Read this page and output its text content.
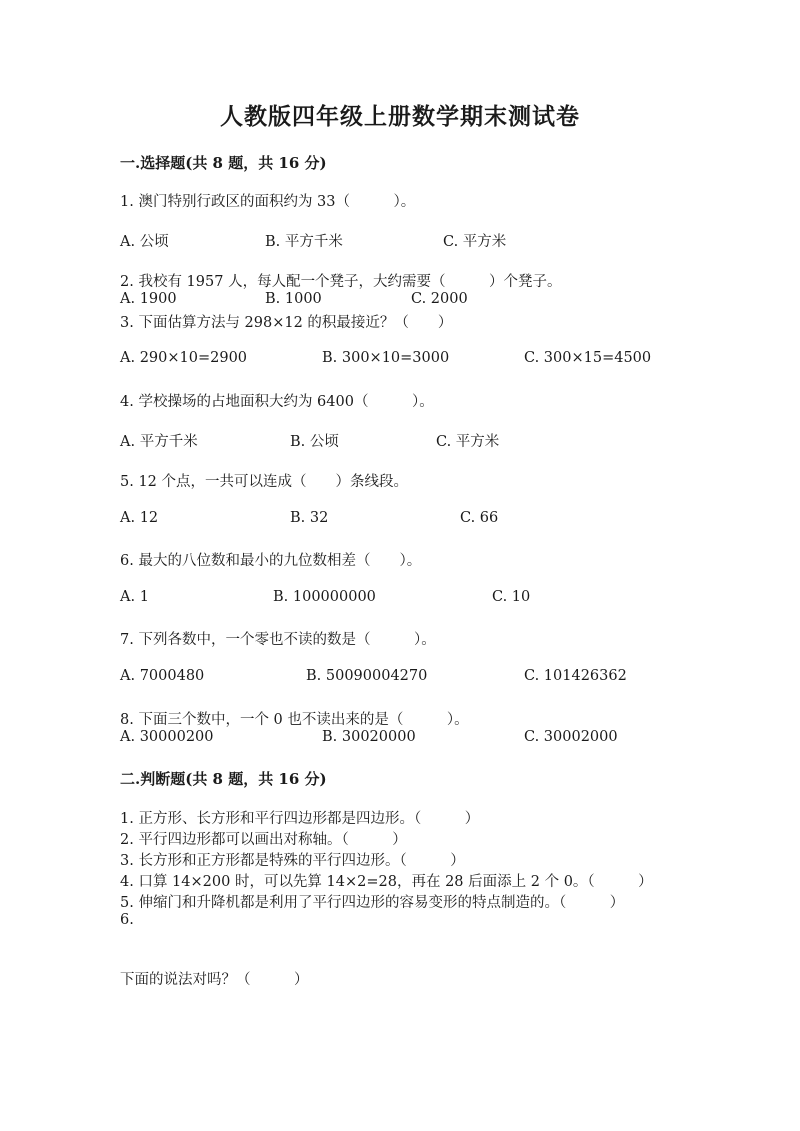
人教版四年级上册数学期末测试卷
一.选择题(共 8 题，共 16 分)
1. 澳门特别行政区的面积约为 33（　　　）。
A. 公顷	B. 平方千米	C. 平方米
2. 我校有 1957 人，每人配一个凳子，大约需要（　　　）个凳子。
A. 1900	B. 1000	C. 2000
3. 下面估算方法与 298×12 的积最接近？（　　）
A. 290×10=2900	B. 300×10=3000	C. 300×15=4500
4. 学校操场的占地面积大约为 6400（　　　）。
A. 平方千米	B. 公顷	C. 平方米
5. 12 个点，一共可以连成（　　）条线段。
A. 12	B. 32	C. 66
6. 最大的八位数和最小的九位数相差（　　）。
A. 1	B. 100000000	C. 10
7. 下列各数中，一个零也不读的数是（　　　）。
A. 7000480	B. 50090004270	C. 101426362
8. 下面三个数中，一个 0 也不读出来的是（　　　）。
A. 30000200	B. 30020000	C. 30002000
二.判断题(共 8 题，共 16 分)
1. 正方形、长方形和平行四边形都是四边形。（　　　）
2. 平行四边形都可以画出对称轴。（　　　）
3. 长方形和正方形都是特殊的平行四边形。（　　　）
4. 口算 14×200 时，可以先算 14×2=28，再在 28 后面添上 2 个 0。（　　　）
5. 伸缩门和升降机都是利用了平行四边形的容易变形的特点制造的。（　　　）
6.
下面的说法对吗？（　　　）
